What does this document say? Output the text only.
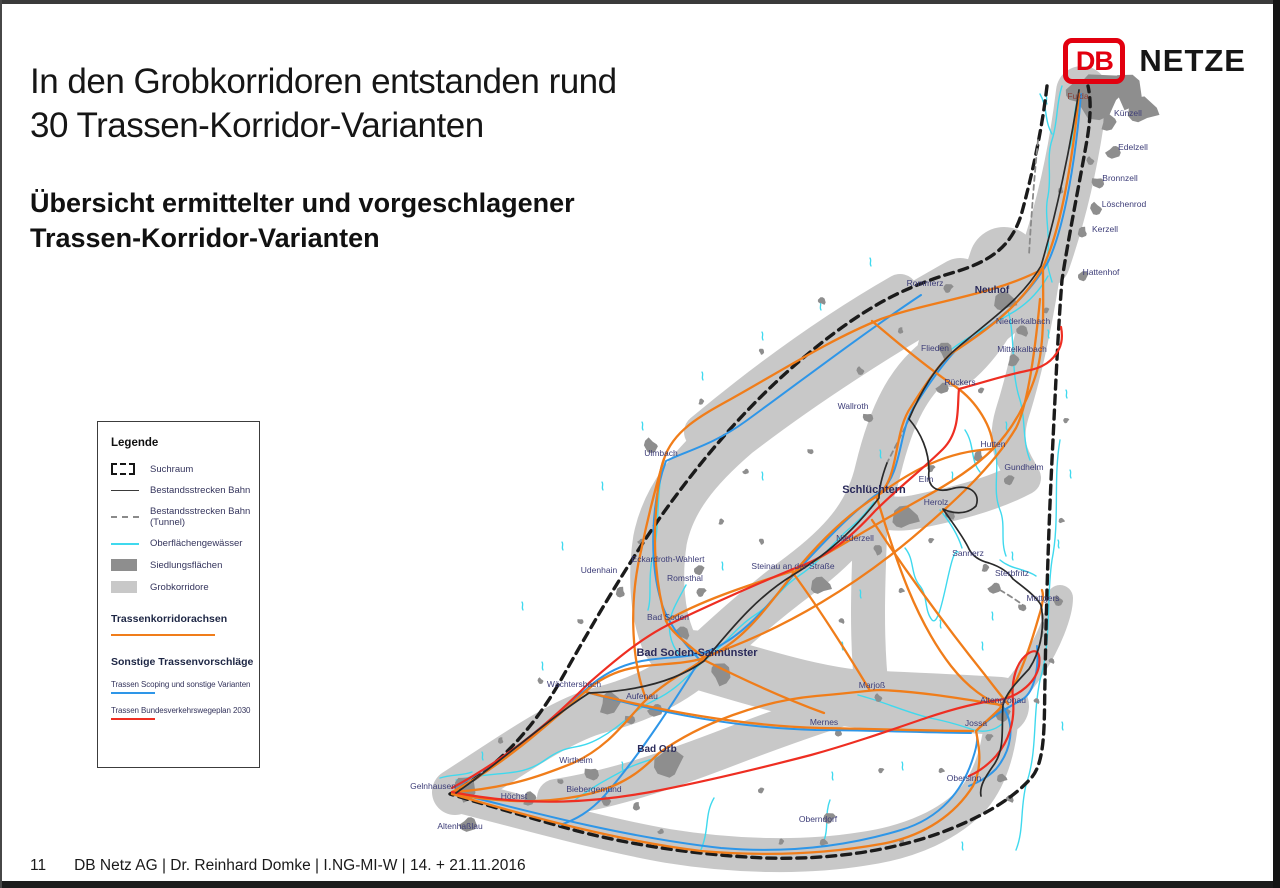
Fulda
Künzell
Edelzell
Bronnzell
Löschenrod
Kerzell
Hattenhof
Rommerz
Neuhof
Niederkalbach
Flieden	Mittelkalbach
Rückers
Wallroth
Ulmbach
Hutten
Gundhelm
Elm
Schlüchtern
Herolz
Niederzell
Sannerz
Sterbfritz
Mottgers
Udenhain
Eckardroth-Wahlert
Romsthal
Steinau an der Straße
Bad Soden
Bad Soden-Salmünster
Wächtersbach
Aufenau
Marjoß
Mernes
Altengronau
Jossa
Gelnhausen
Höchst
Altenhaßlau
Wirtheim
Biebergemünd
Bad Orb
Oberndorf
Obersinn
In den Grobkorridoren entstanden rund
30 Trassen-Korridor-Varianten
Übersicht ermittelter und vorgeschlagener
Trassen-Korridor-Varianten
DB NETZE
Legende
Suchraum
Bestandsstrecken Bahn
Bestandsstrecken Bahn (Tunnel)
Oberflächengewässer
Siedlungsflächen
Grobkorridore
Trassenkorridorachsen
Sonstige Trassenvorschläge
Trassen Scoping und sonstige Varianten
Trassen Bundesverkehrswegeplan 2030
11 DB Netz AG | Dr. Reinhard Domke | I.NG-MI-W | 14. + 21.11.2016
